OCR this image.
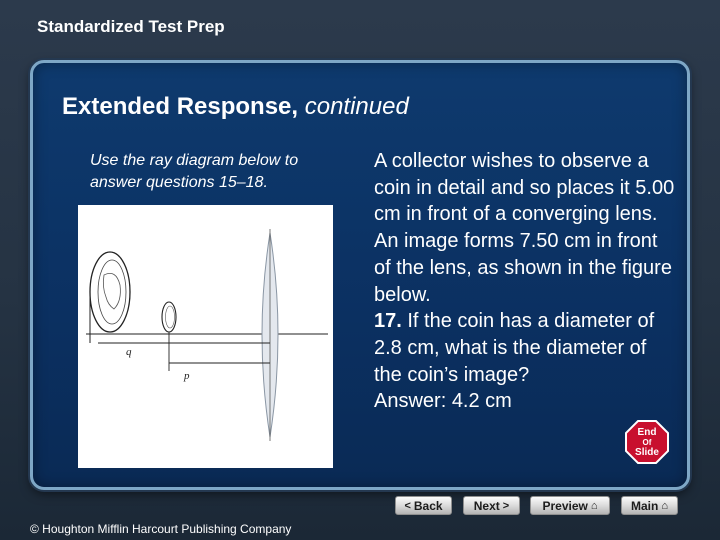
Standardized Test Prep
Extended Response, continued

Use the ray diagram below to answer questions 15–18.

q
p

A collector wishes to observe a coin in detail and so places it 5.00 cm in front of a converging lens. An image forms 7.50 cm in front of the lens, as shown in the figure below.

17. If the coin has a diameter of 2.8 cm, what is the diameter of the coin’s image?

Answer: 4.2 cm

End
Of
Slide
< Back	Next >	Preview ⌂	Main ⌂

© Houghton Mifflin Harcourt Publishing Company
